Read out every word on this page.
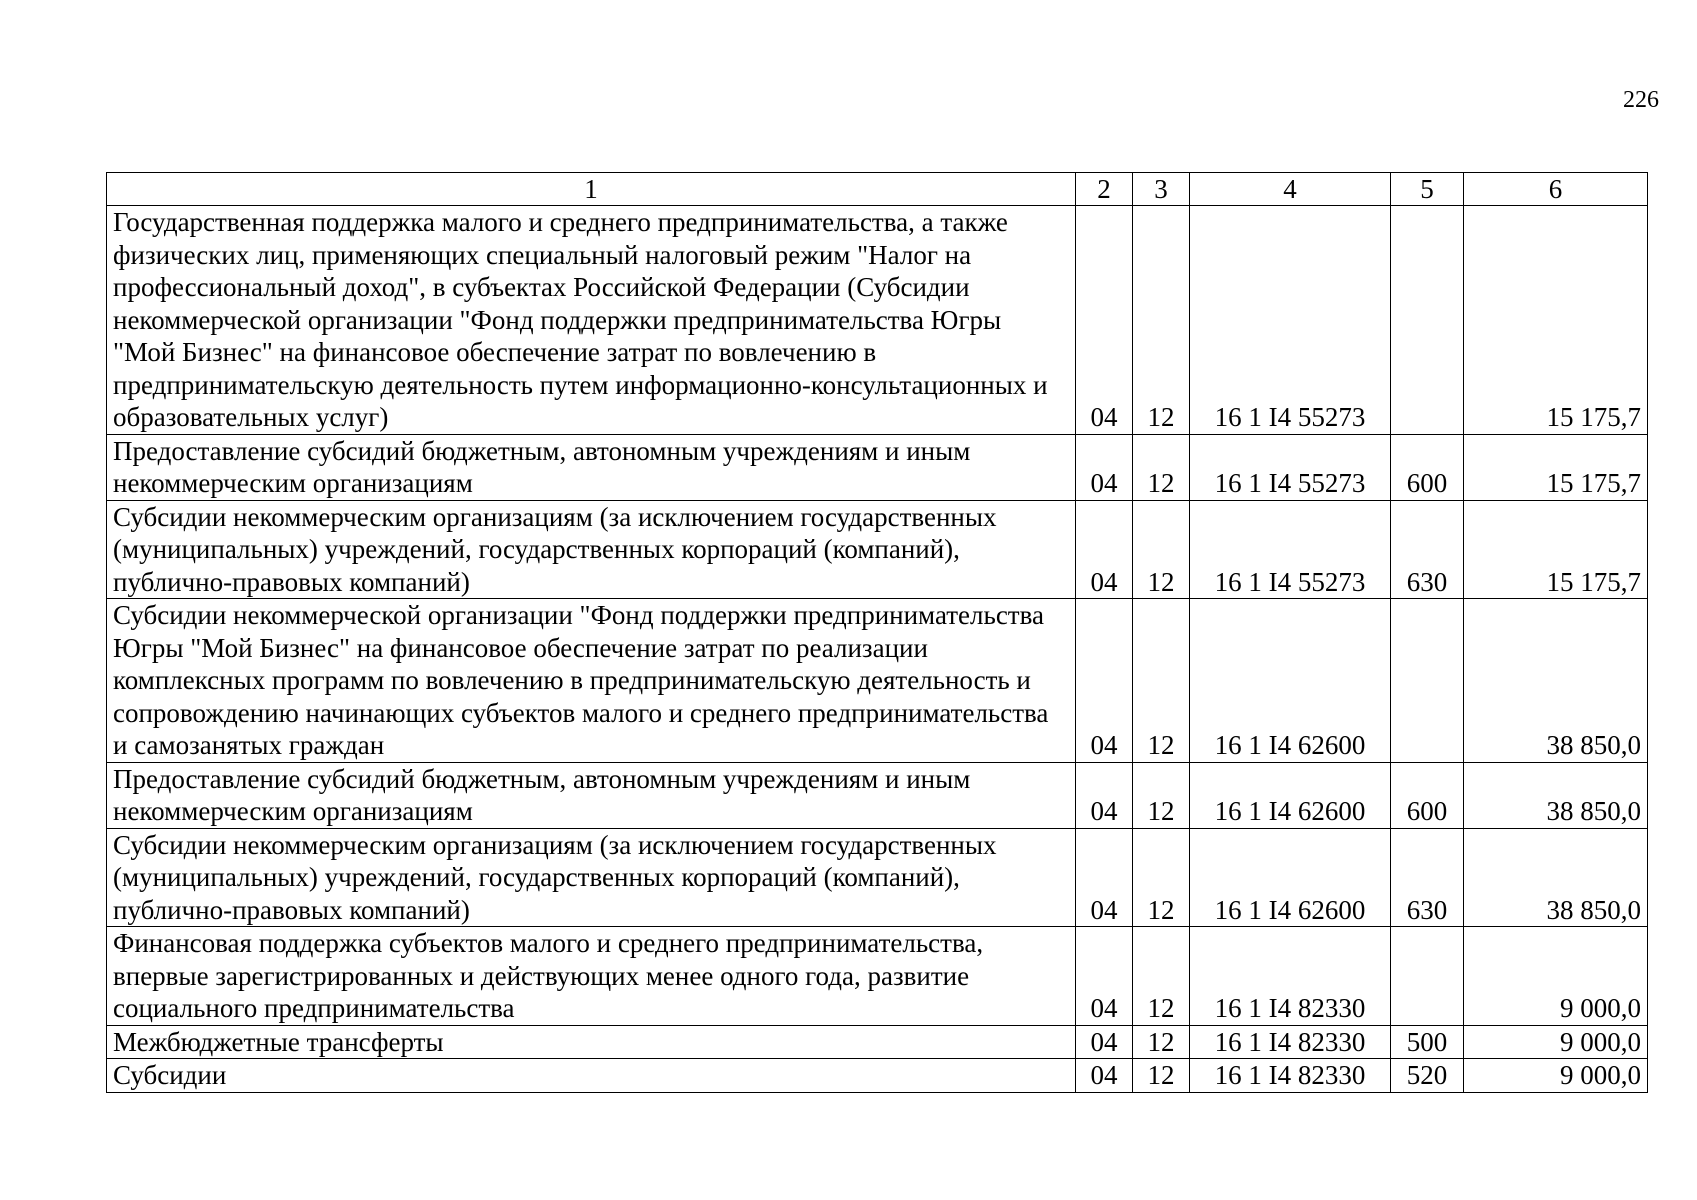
226
1	2	3	4	5	6
Государственная поддержка малого и среднего предпринимательства, а также физических лиц, применяющих специальный налоговый режим "Налог на профессиональный доход", в субъектах Российской Федерации (Субсидии некоммерческой организации "Фонд поддержки предпринимательства Югры "Мой Бизнес" на финансовое обеспечение затрат по вовлечению в предпринимательскую деятельность путем информационно-консультационных и образовательных услуг)	04	12	16 1 I4 55273		15 175,7
Предоставление субсидий бюджетным, автономным учреждениям и иным некоммерческим организациям	04	12	16 1 I4 55273	600	15 175,7
Субсидии некоммерческим организациям (за исключением государственных (муниципальных) учреждений, государственных корпораций (компаний), публично-правовых компаний)	04	12	16 1 I4 55273	630	15 175,7
Субсидии некоммерческой организации "Фонд поддержки предпринимательства Югры "Мой Бизнес" на финансовое обеспечение затрат по реализации комплексных программ по вовлечению в предпринимательскую деятельность и сопровождению начинающих субъектов малого и среднего предпринимательства и самозанятых граждан	04	12	16 1 I4 62600		38 850,0
Предоставление субсидий бюджетным, автономным учреждениям и иным некоммерческим организациям	04	12	16 1 I4 62600	600	38 850,0
Субсидии некоммерческим организациям (за исключением государственных (муниципальных) учреждений, государственных корпораций (компаний), публично-правовых компаний)	04	12	16 1 I4 62600	630	38 850,0
Финансовая поддержка субъектов малого и среднего предпринимательства, впервые зарегистрированных и действующих менее одного года, развитие социального предпринимательства	04	12	16 1 I4 82330		9 000,0
Межбюджетные трансферты	04	12	16 1 I4 82330	500	9 000,0
Субсидии	04	12	16 1 I4 82330	520	9 000,0
